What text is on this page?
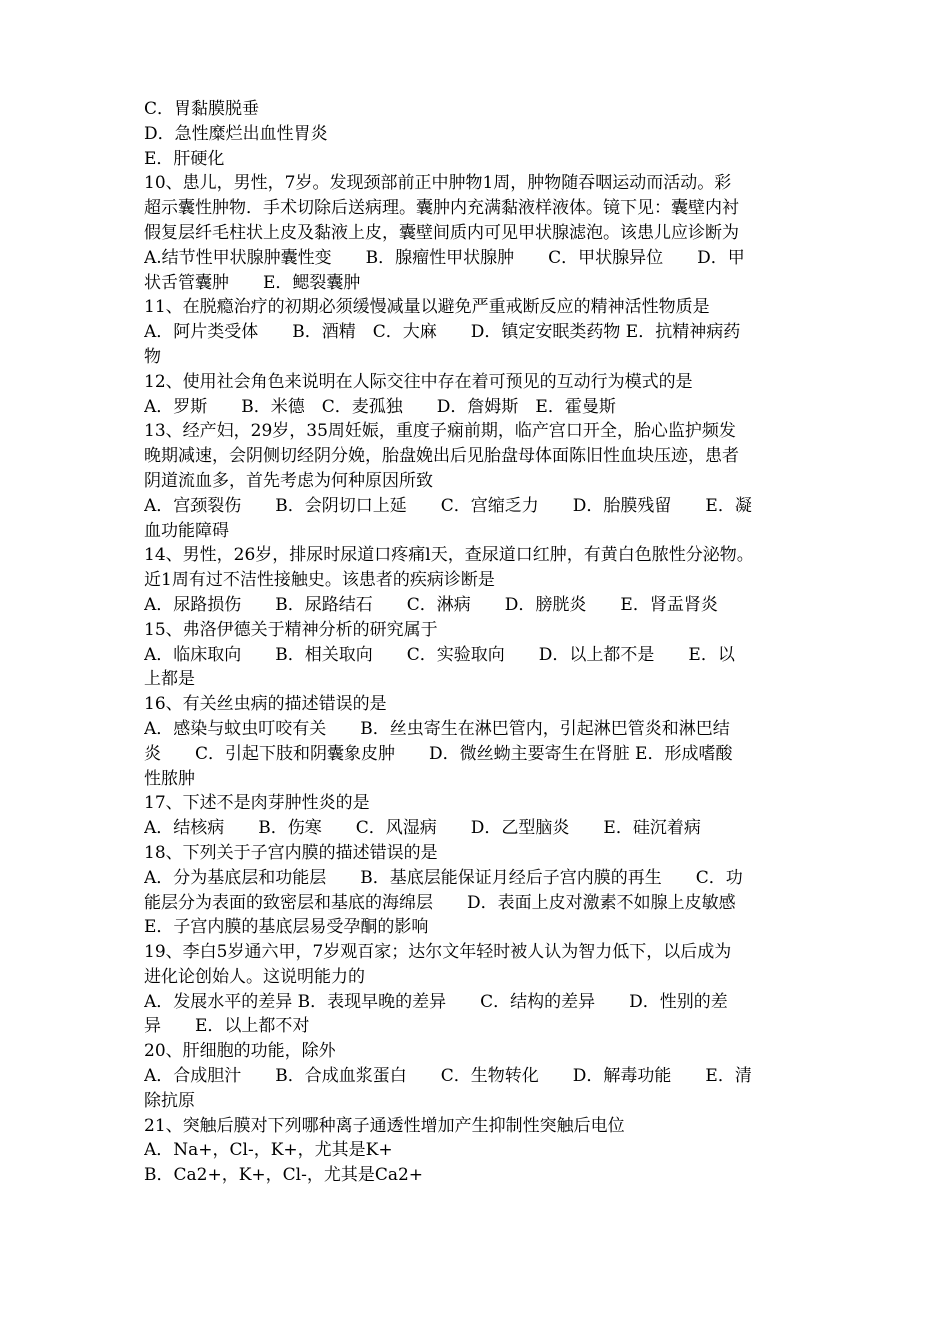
C．胃黏膜脱垂
D．急性糜烂出血性胃炎
E．肝硬化
10、患儿，男性，7岁。发现颈部前正中肿物1周，肿物随吞咽运动而活动。彩
超示囊性肿物．手术切除后送病理。囊肿内充满黏液样液体。镜下见：囊壁内衬
假复层纤毛柱状上皮及黏液上皮，囊壁间质内可见甲状腺滤泡。该患儿应诊断为
A.结节性甲状腺肿囊性变　　B．腺瘤性甲状腺肿　　C．甲状腺异位　　D．甲
状舌管囊肿　　E．鳃裂囊肿
11、在脱瘾治疗的初期必须缓慢减量以避免严重戒断反应的精神活性物质是
A．阿片类受体　　B．酒精　C．大麻　　D．镇定安眠类药物 E．抗精神病药
物
12、使用社会角色来说明在人际交往中存在着可预见的互动行为模式的是
A．罗斯　　B．米德　C．麦孤独　　D．詹姆斯　E．霍曼斯
13、经产妇，29岁，35周妊娠，重度子痫前期，临产宫口开全，胎心监护频发
晚期减速，会阴侧切经阴分娩，胎盘娩出后见胎盘母体面陈旧性血块压迹，患者
阴道流血多，首先考虑为何种原因所致
A．宫颈裂伤　　B．会阴切口上延　　C．宫缩乏力　　D．胎膜残留　　E．凝
血功能障碍
14、男性，26岁，排尿时尿道口疼痛l天，查尿道口红肿，有黄白色脓性分泌物。
近1周有过不洁性接触史。该患者的疾病诊断是
A．尿路损伤　　B．尿路结石　　C．淋病　　D．膀胱炎　　E．肾盂肾炎
15、弗洛伊德关于精神分析的研究属于
A．临床取向　　B．相关取向　　C．实验取向　　D．以上都不是　　E．以
上都是
16、有关丝虫病的描述错误的是
A．感染与蚊虫叮咬有关　　B．丝虫寄生在淋巴管内，引起淋巴管炎和淋巴结
炎　　C．引起下肢和阴囊象皮肿　　D．微丝蚴主要寄生在肾脏 E．形成嗜酸
性脓肿
17、下述不是肉芽肿性炎的是
A．结核病　　B．伤寒　　C．风湿病　　D．乙型脑炎　　E．硅沉着病
18、下列关于子宫内膜的描述错误的是
A．分为基底层和功能层　　B．基底层能保证月经后子宫内膜的再生　　C．功
能层分为表面的致密层和基底的海绵层　　D．表面上皮对激素不如腺上皮敏感
E．子宫内膜的基底层易受孕酮的影响
19、李白5岁通六甲，7岁观百家；达尔文年轻时被人认为智力低下，以后成为
进化论创始人。这说明能力的
A．发展水平的差异 B．表现早晚的差异　　C．结构的差异　　D．性别的差
异　　E．以上都不对
20、肝细胞的功能，除外
A．合成胆汁　　B．合成血浆蛋白　　C．生物转化　　D．解毒功能　　E．清
除抗原
21、突触后膜对下列哪种离子通透性增加产生抑制性突触后电位
A．Na+，Cl-，K+，尤其是K+
B．Ca2+，K+，Cl-，尤其是Ca2+
